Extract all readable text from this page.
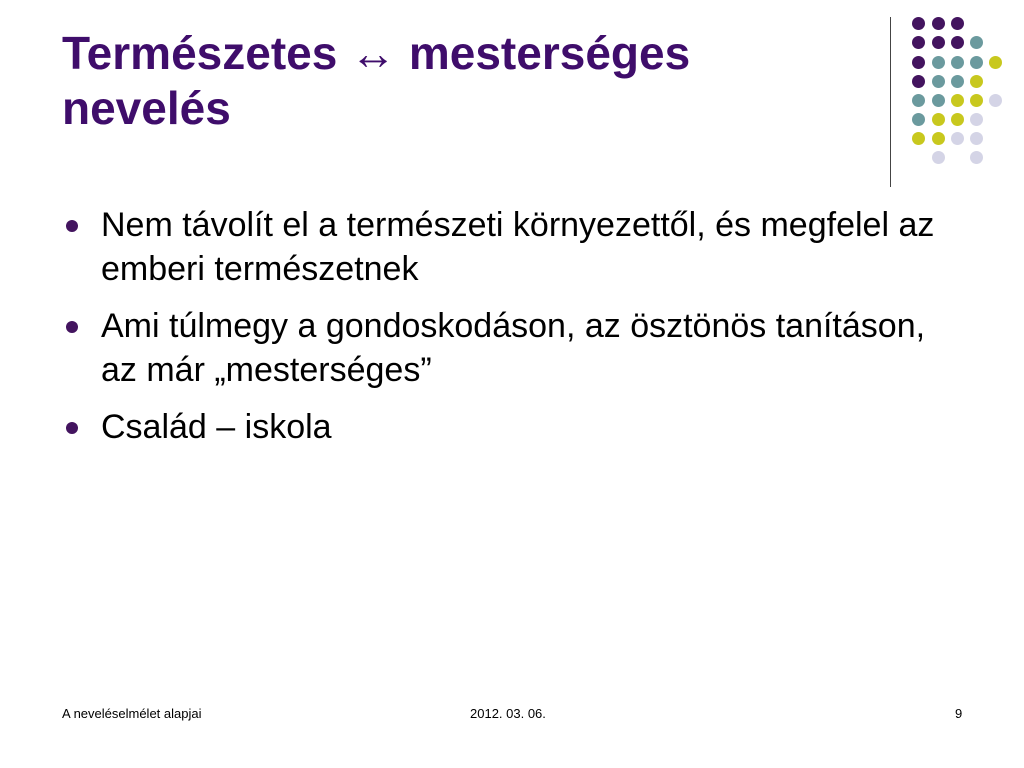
Természetes ↔ mesterséges nevelés
Nem távolít el a természeti környezettől, és megfelel az emberi természetnek
Ami túlmegy a gondoskodáson, az ösztönös tanításon, az már „mesterséges”
Család – iskola
A neveléselmélet alapjai	2012. 03. 06.	9
